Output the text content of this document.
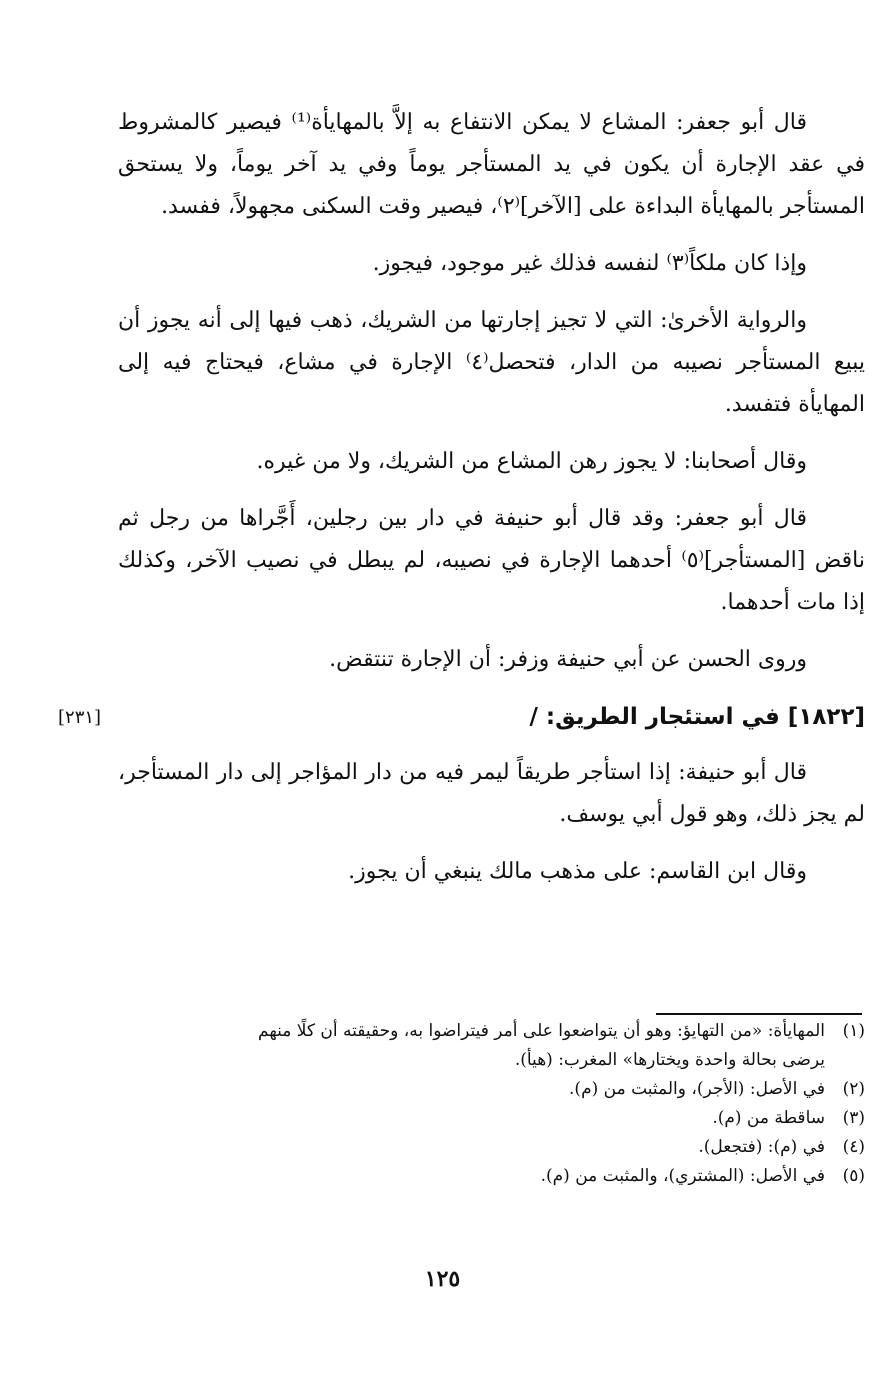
قال أبو جعفر: المشاع لا يمكن الانتفاع به إلاَّ بالمهايأة⁽¹⁾ فيصير كالمشروط في عقد الإجارة أن يكون في يد المستأجر يوماً وفي يد آخر يوماً، ولا يستحق المستأجر بالمهايأة البداءة على [الآخر]⁽٢⁾، فيصير وقت السكنى مجهولاً، ففسد.

وإذا كان ملكاً⁽٣⁾ لنفسه فذلك غير موجود، فيجوز.

والرواية الأخرىٰ: التي لا تجيز إجارتها من الشريك، ذهب فيها إلى أنه يجوز أن يبيع المستأجر نصيبه من الدار، فتحصل⁽٤⁾ الإجارة في مشاع، فيحتاج فيه إلى المهايأة فتفسد.

وقال أصحابنا: لا يجوز رهن المشاع من الشريك، ولا من غيره.

قال أبو جعفر: وقد قال أبو حنيفة في دار بين رجلين، أَجَّراها من رجل ثم ناقض [المستأجر]⁽٥⁾ أحدهما الإجارة في نصيبه، لم يبطل في نصيب الآخر، وكذلك إذا مات أحدهما.

وروى الحسن عن أبي حنيفة وزفر: أن الإجارة تنتقض.

[١٨٢٢] في استئجار الطريق: /
[٢٣١]

قال أبو حنيفة: إذا استأجر طريقاً ليمر فيه من دار المؤاجر إلى دار المستأجر، لم يجز ذلك، وهو قول أبي يوسف.

وقال ابن القاسم: على مذهب مالك ينبغي أن يجوز.

(١)المهايأة: «من التهايؤ: وهو أن يتواضعوا على أمر فيتراضوا به، وحقيقته أن كلًا منهم

يرضى بحالة واحدة ويختارها» المغرب: (هيأ).

(٢)في الأصل: (الأجر)، والمثبت من (م).

(٣)ساقطة من (م).

(٤)في (م): (فتجعل).

(٥)في الأصل: (المشتري)، والمثبت من (م).

١٢٥
